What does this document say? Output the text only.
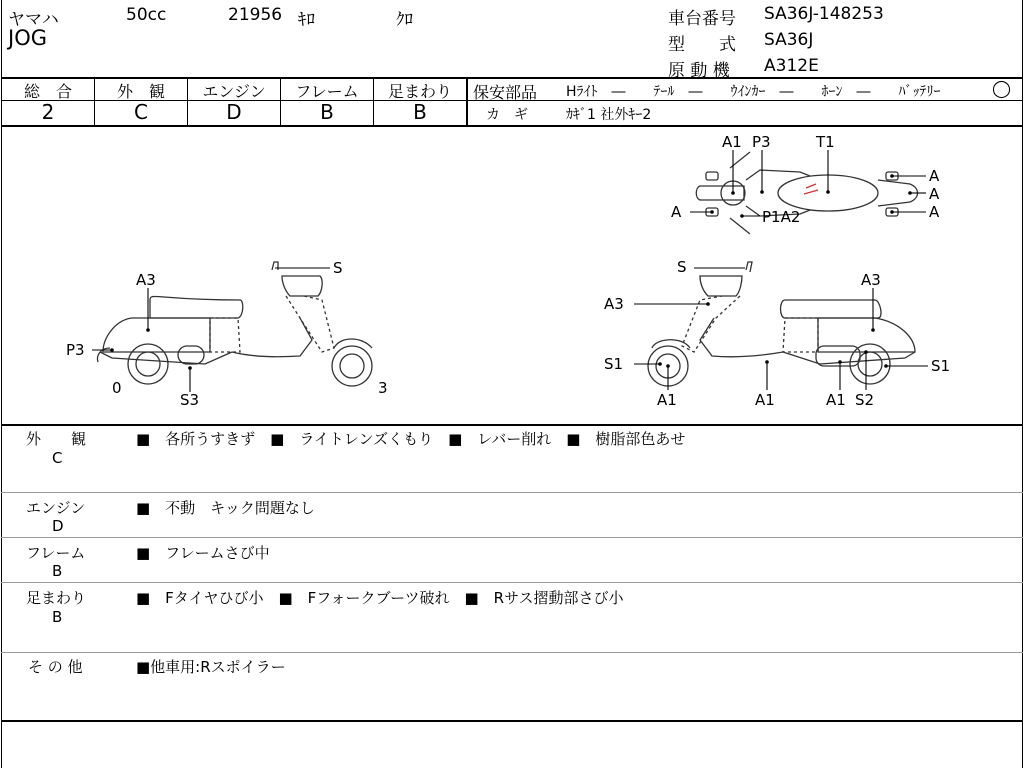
ヤマハ	50cc	21956 ｷﾛ	ｸﾛ
JOG
車台番号 SA36J-148253
型　　式 SA36J
原 動 機 A312E
総　合	外　観	エンジン	フレーム	足まわり
2	C	D	B	B
保安部品 Hﾗｲﾄ　―　　ﾃｰﾙ　―　　ｳｲﾝｶｰ　―　　ﾎｰﾝ　―　　ﾊﾞｯﾃﾘｰ	◯
カ　ギ	ｶｷﾞ1 社外ｷｰ2
S
A3
P3
S3
0	3
S
A3
A3
S1	S1
A1	A1	A1 S2
A1 P3	T1
A
A
A
A	P1A2
外　　観
C
■　各所うすきず　■　ライトレンズくもり　■　レバー削れ　■　樹脂部色あせ
エンジン
D
■　不動　キック問題なし
フレーム
B
■　フレームさび中
足まわり
B
■　Fタイヤひび小　■　Fフォークブーツ破れ　■　Rサス摺動部さび小
そ の 他	■他車用:Rスポイラー
